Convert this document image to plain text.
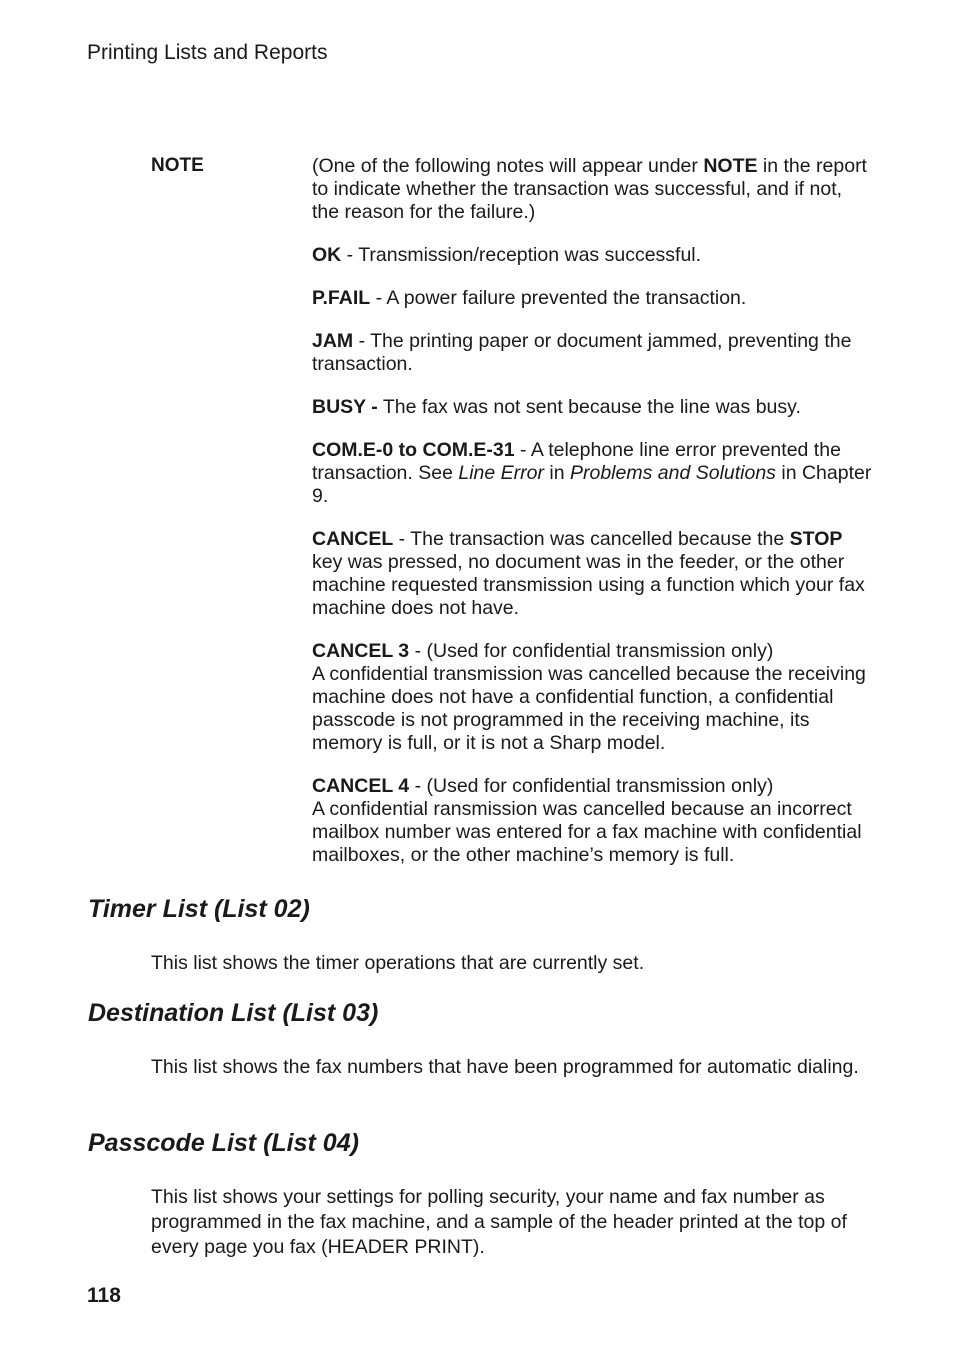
Printing Lists and Reports
NOTE	(One of the following notes will appear under NOTE in the report to indicate whether the transaction was successful, and if not, the reason for the failure.)

OK - Transmission/reception was successful.

P.FAIL - A power failure prevented the transaction.

JAM - The printing paper or document jammed, preventing the transaction.

BUSY - The fax was not sent because the line was busy.

COM.E-0 to COM.E-31 - A telephone line error prevented the transaction. See Line Error in Problems and Solutions in Chapter 9.

CANCEL - The transaction was cancelled because the STOP key was pressed, no document was in the feeder, or the other machine requested transmission using a function which your fax machine does not have.

CANCEL 3 - (Used for confidential transmission only)
A confidential transmission was cancelled because the receiving machine does not have a confidential function, a confidential passcode is not programmed in the receiving machine, its memory is full, or it is not a Sharp model.

CANCEL 4 - (Used for confidential transmission only)
A confidential ransmission was cancelled because an incorrect mailbox number was entered for a fax machine with confidential mailboxes, or the other machine’s memory is full.

Timer List (List 02)

This list shows the timer operations that are currently set.

Destination List (List 03)

This list shows the fax numbers that have been programmed for automatic dialing.

Passcode List (List 04)

This list shows your settings for polling security, your name and fax number as programmed in the fax machine, and a sample of the header printed at the top of every page you fax (HEADER PRINT).

118
